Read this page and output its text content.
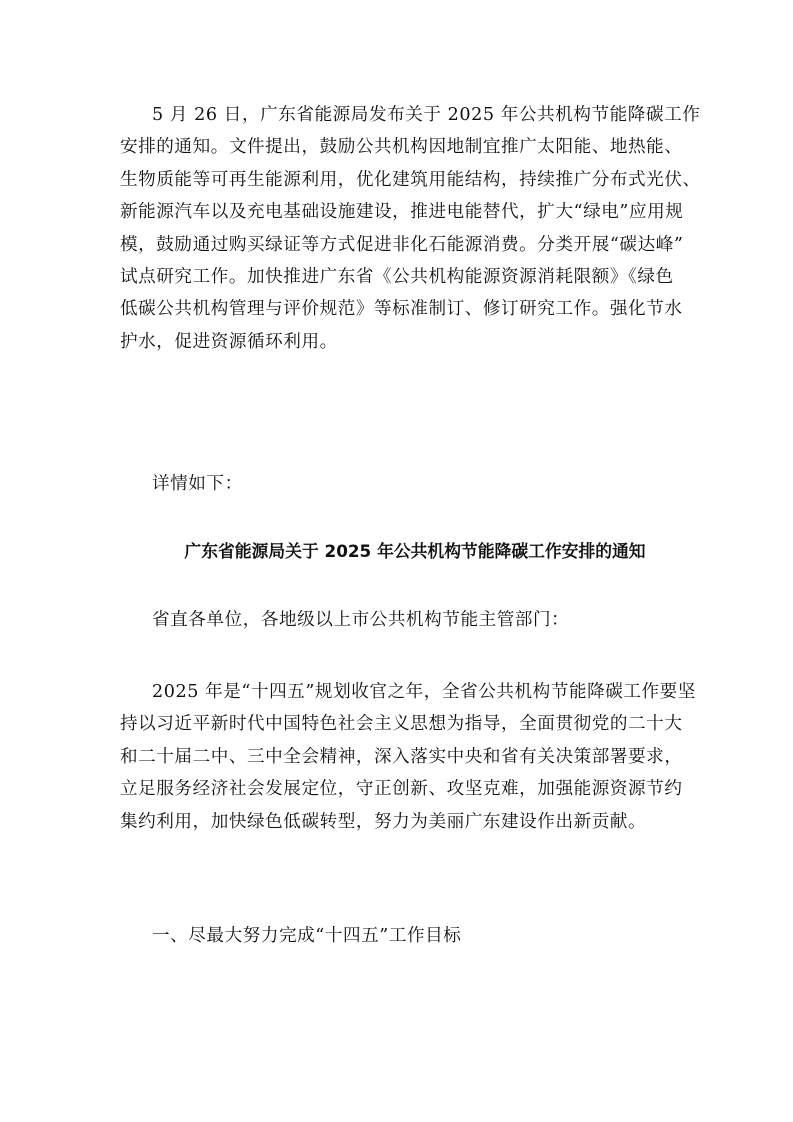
5 月 26 日，广东省能源局发布关于 2025 年公共机构节能降碳工作
安排的通知。文件提出，鼓励公共机构因地制宜推广太阳能、地热能、
生物质能等可再生能源利用，优化建筑用能结构，持续推广分布式光伏、
新能源汽车以及充电基础设施建设，推进电能替代，扩大“绿电”应用规
模，鼓励通过购买绿证等方式促进非化石能源消费。分类开展“碳达峰”
试点研究工作。加快推进广东省《公共机构能源资源消耗限额》《绿色
低碳公共机构管理与评价规范》等标准制订、修订研究工作。强化节水
护水，促进资源循环利用。
详情如下：
广东省能源局关于 2025 年公共机构节能降碳工作安排的通知
省直各单位，各地级以上市公共机构节能主管部门：
2025 年是“十四五”规划收官之年，全省公共机构节能降碳工作要坚
持以习近平新时代中国特色社会主义思想为指导，全面贯彻党的二十大
和二十届二中、三中全会精神，深入落实中央和省有关决策部署要求，
立足服务经济社会发展定位，守正创新、攻坚克难，加强能源资源节约
集约利用，加快绿色低碳转型，努力为美丽广东建设作出新贡献。
一、尽最大努力完成“十四五”工作目标
